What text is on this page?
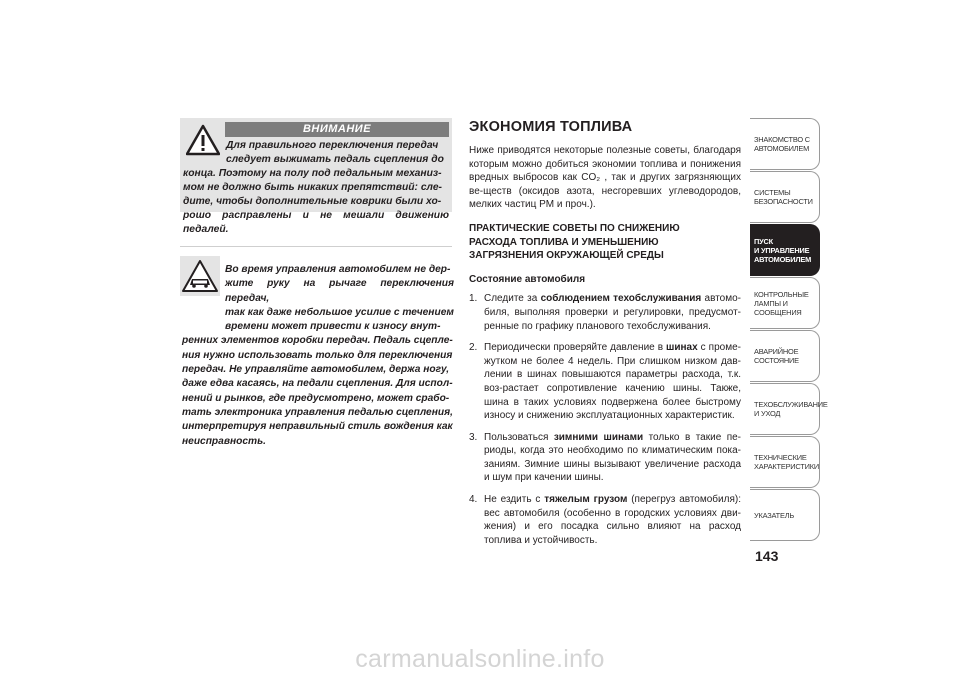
ВНИМАНИЕ
Для правильного переключения передач
следует выжимать педаль сцепления до
конца. Поэтому на полу под педальным механиз-
мом не должно быть никаких препятствий: сле-
дите, чтобы дополнительные коврики были хо-
рошо расправлены и не мешали движению педалей.
Во время управления автомобилем не дер-
жите руку на рычаге переключения передач,
так как даже небольшое усилие с течением
времени может привести к износу внут-
ренних элементов коробки передач. Педаль сцепле-
ния нужно использовать только для переключения
передач. Не управляйте автомобилем, держа ногу,
даже едва касаясь, на педали сцепления. Для испол-
нений и рынков, где предусмотрено, может срабо-
тать электроника управления педалью сцепления,
интерпретируя неправильный стиль вождения как
неисправность.
ЭКОНОМИЯ ТОПЛИВА

Ниже приводятся некоторые полезные советы, благодаря которым можно добиться экономии топлива и понижения вредных выбросов как CO₂ , так и других загрязняющих ве-ществ (оксидов азота, несгоревших углеводородов, мелких частиц PM и проч.).

ПРАКТИЧЕСКИЕ СОВЕТЫ ПО СНИЖЕНИЮ
РАСХОДА ТОПЛИВА И УМЕНЬШЕНИЮ
ЗАГРЯЗНЕНИЯ ОКРУЖАЮЩЕЙ СРЕДЫ
Состояние автомобиля
1. Следите за соблюдением техобслуживания автомо-биля, выполняя проверки и регулировки, предусмот-ренные по графику планового техобслуживания.
2. Периодически проверяйте давление в шинах с проме-жутком не более 4 недель. При слишком низком дав-лении в шинах повышаются параметры расхода, т.к. воз-растает сопротивление качению шины. Также, шина в таких условиях подвержена более быстрому износу и снижению эксплуатационных характеристик.
3. Пользоваться зимними шинами только в такие пе-риоды, когда это необходимо по климатическим пока-заниям. Зимние шины вызывают увеличение расхода и шум при качении шины.
4. Не ездить с тяжелым грузом (перегруз автомобиля): вес автомобиля (особенно в городских условиях дви-жения) и его посадка сильно влияют на расход топлива и устойчивость.
ЗНАКОМСТВО С
АВТОМОБИЛЕМ
СИСТЕМЫ
БЕЗОПАСНОСТИ
ПУСК
И УПРАВЛЕНИЕ
АВТОМОБИЛЕМ
КОНТРОЛЬНЫЕ
ЛАМПЫ И
СООБЩЕНИЯ
АВАРИЙНОЕ
СОСТОЯНИЕ
ТЕХОБСЛУЖИВАНИЕ
И УХОД
ТЕХНИЧЕСКИЕ
ХАРАКТЕРИСТИКИ
УКАЗАТЕЛЬ
143
carmanualsonline.info
